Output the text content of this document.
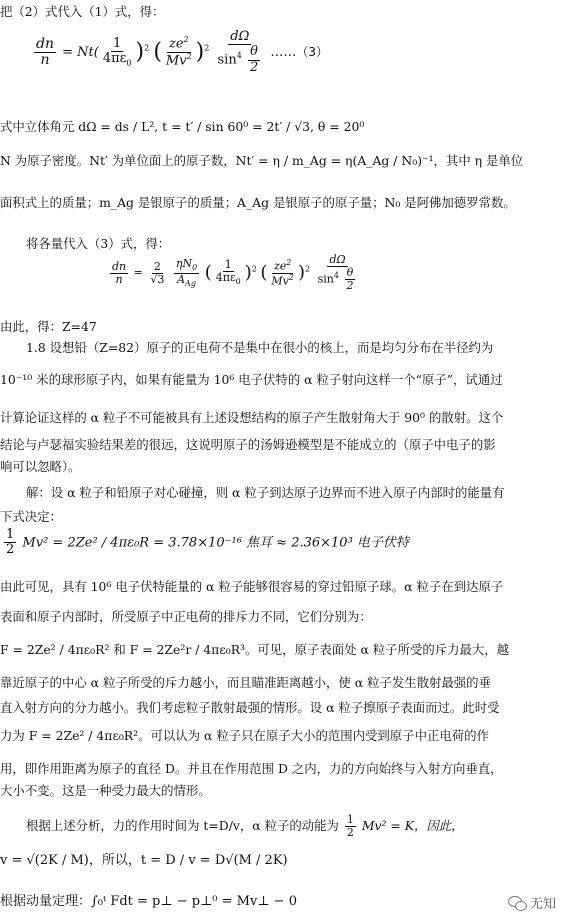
把（2）式代入（1）式，得：
$\frac{dn}{n} = Nt( \frac{1}{4\pi\varepsilon_0} )^2$ ( $\frac{ze^2}{Mv^2} )^2 \frac{d\Omega}{\sin^4 \frac{\theta}{2}}$ ……（3）
式中立体角元 dΩ = ds / L², t = t′ / sin 60⁰ = 2t′ / √3, θ = 20⁰
N 为原子密度。Nt′ 为单位面上的原子数，Nt′ = η / m_Ag = η(A_Ag / N₀)⁻¹，其中 η 是单位
面积式上的质量；m_Ag 是银原子的质量；A_Ag 是银原子的原子量；N₀ 是阿佛加德罗常数。
将各量代入（3）式，得：
$\frac{dn}{n} = \frac{2}{√3}$
$\frac{\eta N_0}{A_{Ag}}$ ( $\frac{1}{4\pi\varepsilon_0} )^2$ ( $\frac{ze^2}{Mv^2} )^2 \frac{d\Omega}{\sin^4 \frac{\theta}{2}}$
由此，得：Z=47
1.8 设想铅（Z=82）原子的正电荷不是集中在很小的核上，而是均匀分布在半径约为
10⁻¹⁰ 米的球形原子内，如果有能量为 10⁶ 电子伏特的 α 粒子射向这样一个“原子”，试通过
计算论证这样的 α 粒子不可能被具有上述设想结构的原子产生散射角大于 90⁰ 的散射。这个
结论与卢瑟福实验结果差的很远，这说明原子的汤姆逊模型是不能成立的（原子中电子的影
响可以忽略）。
解：设 α 粒子和铅原子对心碰撞，则 α 粒子到达原子边界而不进入原子内部时的能量有
下式决定：
$\frac{1}{2} Mv^2 = 2Ze^2 / 4\pi\varepsilon_0R = 3.78\times 10^{-16}$ 焦耳 ≈ 2.36×10³ 电子伏特
由此可见，具有 10⁶ 电子伏特能量的 α 粒子能够很容易的穿过铅原子球。α 粒子在到达原子
表面和原子内部时，所受原子中正电荷的排斥力不同，它们分别为：
F = 2Ze² / 4πε₀R² 和 F = 2Ze²r / 4πε₀R³。可见，原子表面处 α 粒子所受的斥力最大，越
靠近原子的中心 α 粒子所受的斥力越小，而且瞄准距离越小，使 α 粒子发生散射最强的垂
直入射方向的分力越小。我们考虑粒子散射最强的情形。设 α 粒子擦原子表面而过。此时受
力为 F = 2Ze² / 4πε₀R²。可以认为 α 粒子只在原子大小的范围内受到原子中正电荷的作
用，即作用距离为原子的直径 D。并且在作用范围 D 之内，力的方向始终与入射方向垂直，
大小不变。这是一种受力最大的情形。
根据上述分析，力的作用时间为 t=D/v，α 粒子的动能为 $\frac{1}{2} Mv^2 = K$，因此，
v = √(2K / M)，所以，t = D / v = D√(M / 2K)
根据动量定理：∫₀ᵗ Fdt = p⊥ − p⊥⁰ = Mv⊥ − 0	无知
